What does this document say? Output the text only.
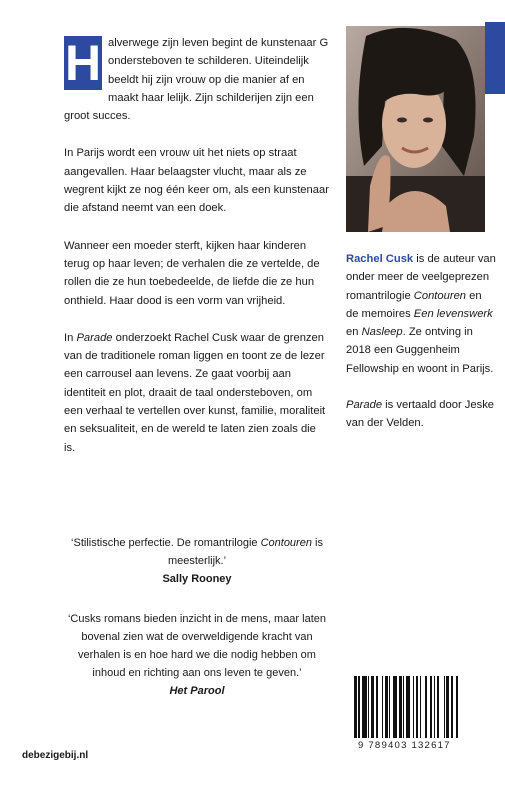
H alverwege zijn leven begint de kunstenaar G ondersteboven te schilderen. Uiteindelijk beeldt hij zijn vrouw op die manier af en maakt haar lelijk. Zijn schilderijen zijn een groot succes.

In Parijs wordt een vrouw uit het niets op straat aangevallen. Haar belaagster vlucht, maar als ze wegrent kijkt ze nog één keer om, als een kunstenaar die afstand neemt van een doek.

Wanneer een moeder sterft, kijken haar kinderen terug op haar leven; de verhalen die ze vertelde, de rollen die ze hun toebedeelde, de liefde die ze hun onthield. Haar dood is een vorm van vrijheid.

In Parade onderzoekt Rachel Cusk waar de grenzen van de traditionele roman liggen en toont ze de lezer een carrousel aan levens. Ze gaat voorbij aan identiteit en plot, draait de taal ondersteboven, om een verhaal te vertellen over kunst, familie, moraliteit en seksualiteit, en de wereld te laten zien zoals die is.

Rachel Cusk is de auteur van onder meer de veelgeprezen romantrilogie Contouren en de memoires Een levenswerk en Nasleep. Ze ontving in 2018 een Guggenheim Fellowship en woont in Parijs.

Parade is vertaald door Jeske van der Velden.

‘Stilistische perfectie. De romantrilogie Contouren is meesterlijk.’
Sally Rooney
‘Cusks romans bieden inzicht in de mens, maar laten bovenal zien wat de overweldigende kracht van verhalen is en hoe hard we die nodig hebben om inhoud en richting aan ons leven te geven.’
Het Parool
debezigebij.nl
9 789403 132617
